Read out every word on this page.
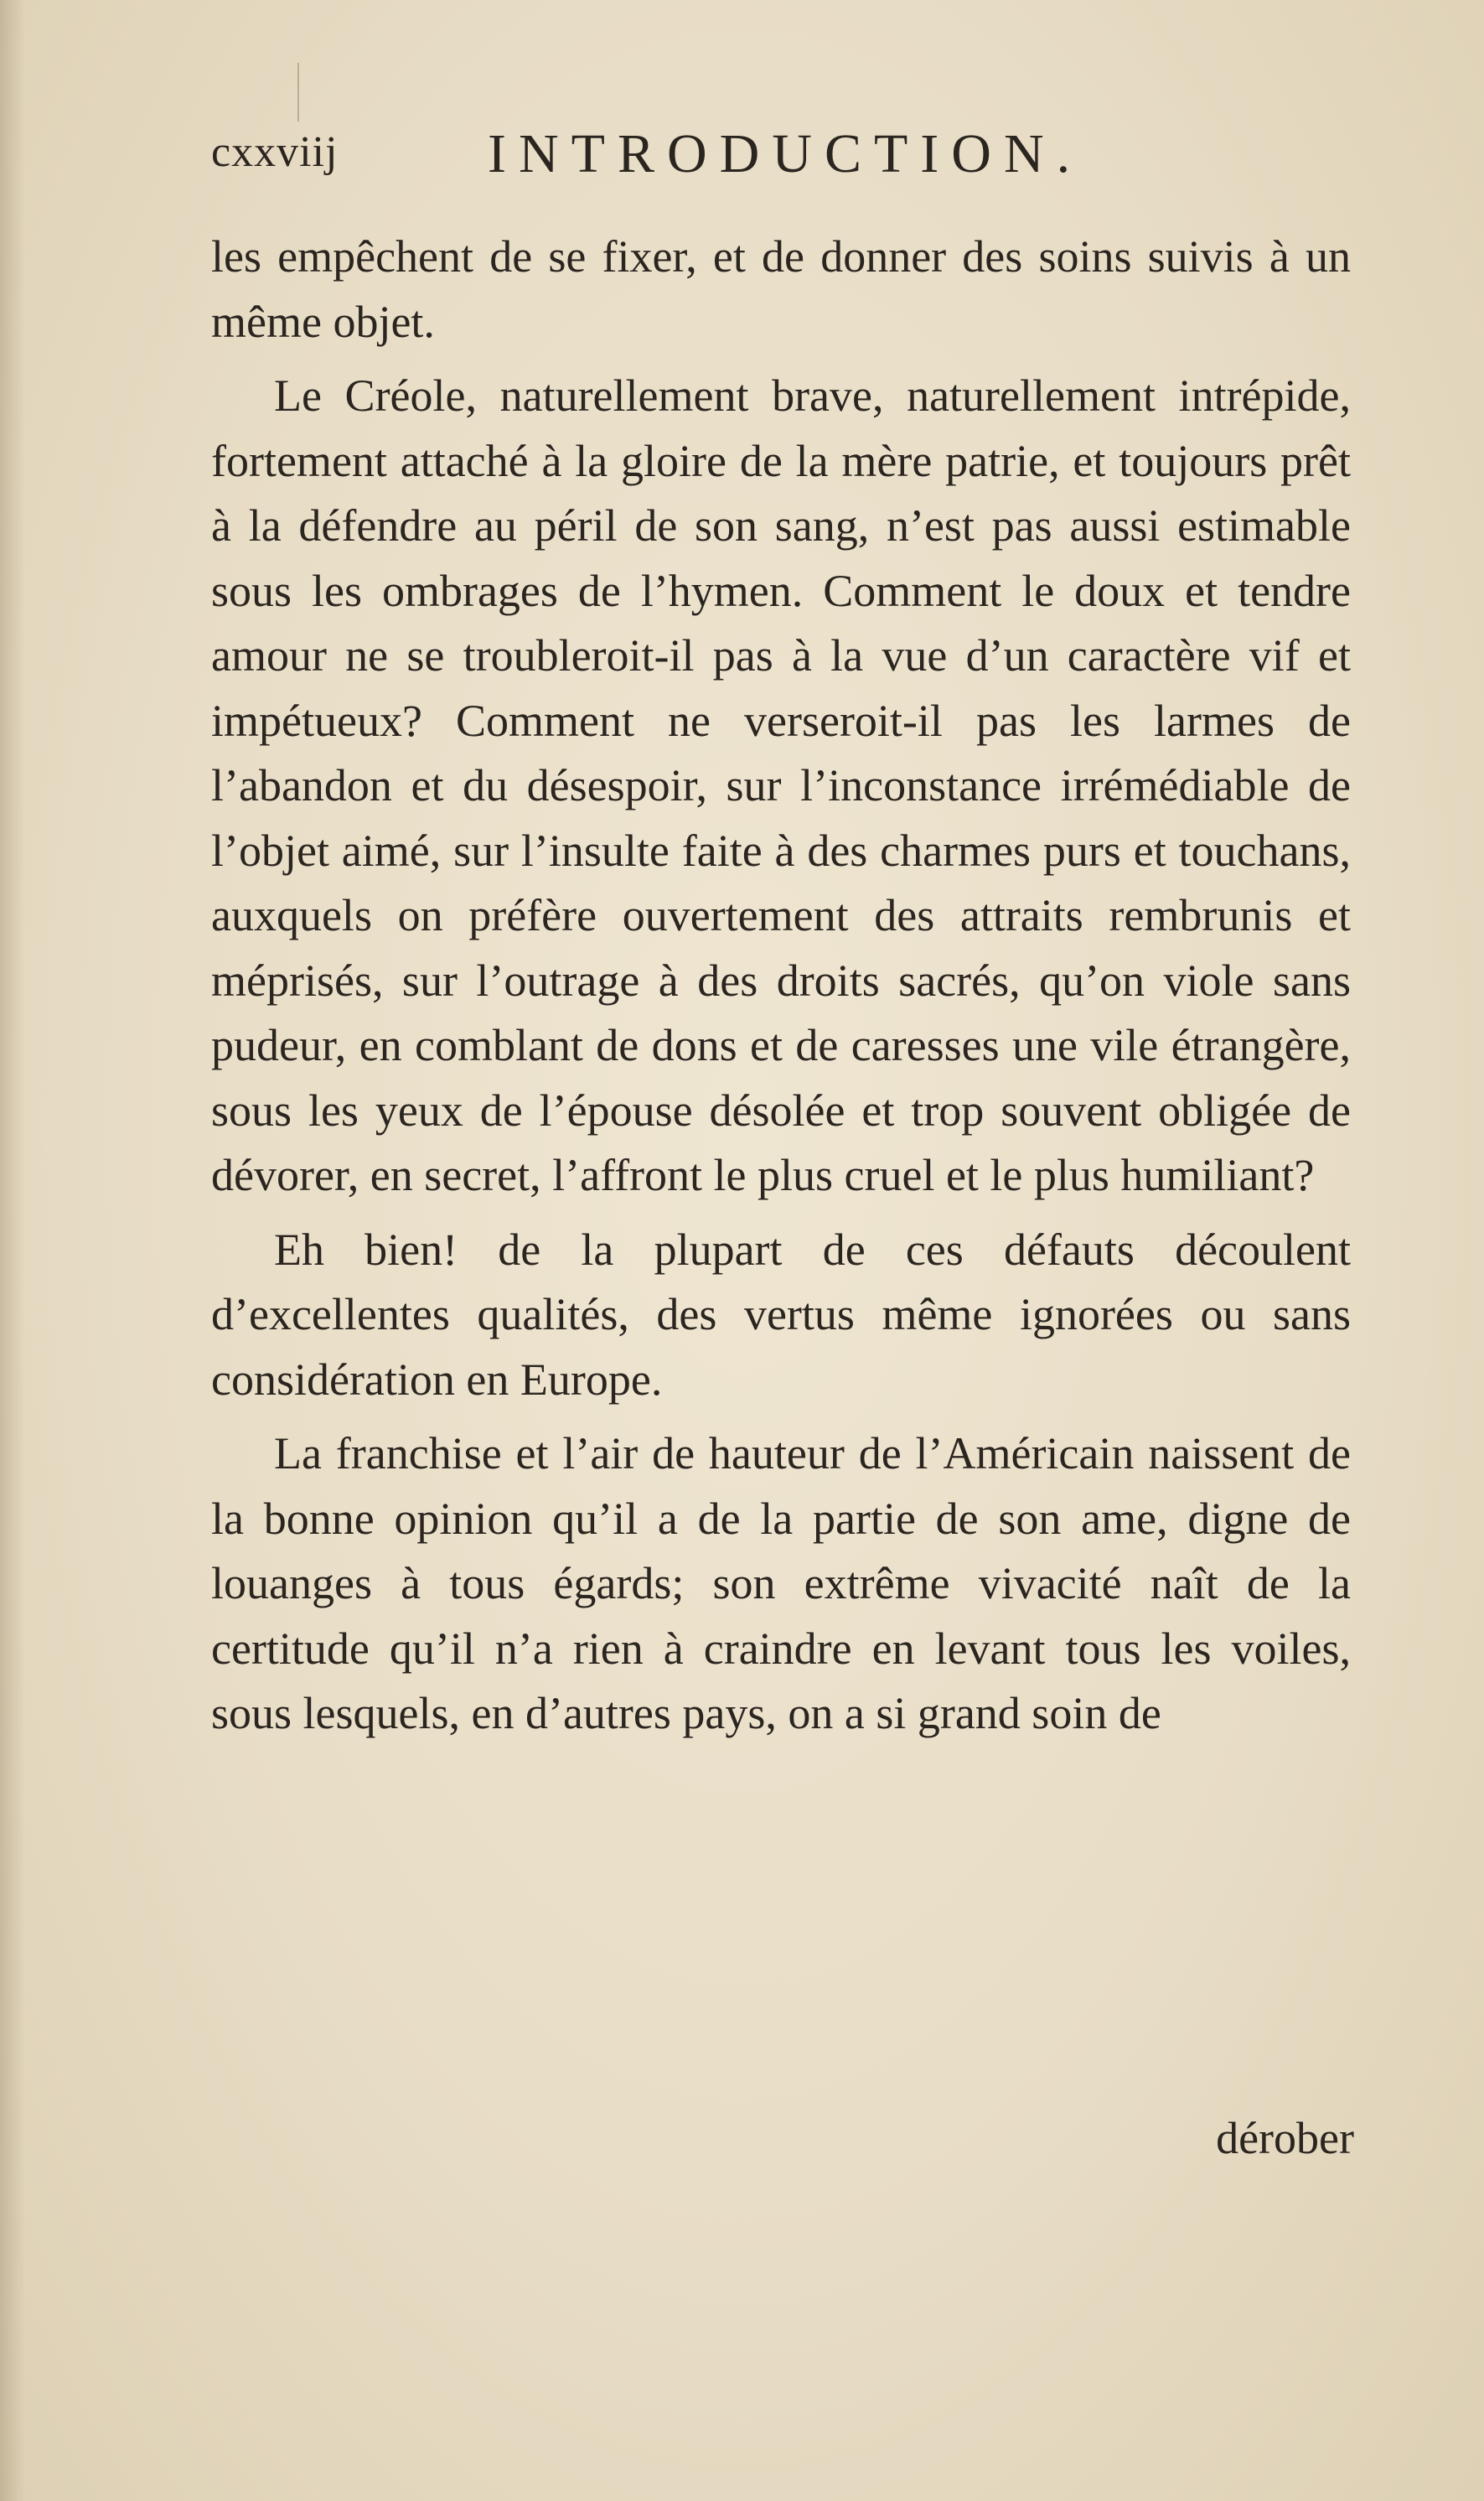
cxxviij	INTRODUCTION.

les empêchent de se fixer, et de donner des soins suivis à un même objet.

Le Créole, naturellement brave, naturellement intrépide, fortement attaché à la gloire de la mère patrie, et toujours prêt à la défendre au péril de son sang, n’est pas aussi estimable sous les ombrages de l’hymen. Comment le doux et tendre amour ne se troubleroit-il pas à la vue d’un caractère vif et impétueux? Comment ne verseroit-il pas les larmes de l’abandon et du désespoir, sur l’inconstance irrémédiable de l’objet aimé, sur l’insulte faite à des charmes purs et touchans, auxquels on préfère ouvertement des attraits rembrunis et méprisés, sur l’outrage à des droits sacrés, qu’on viole sans pudeur, en comblant de dons et de caresses une vile étrangère, sous les yeux de l’épouse désolée et trop souvent obligée de dévorer, en secret, l’affront le plus cruel et le plus humiliant?

Eh bien! de la plupart de ces défauts découlent d’excellentes qualités, des vertus même ignorées ou sans considération en Europe.

La franchise et l’air de hauteur de l’Américain naissent de la bonne opinion qu’il a de la partie de son ame, digne de louanges à tous égards; son extrême vivacité naît de la certitude qu’il n’a rien à craindre en levant tous les voiles, sous lesquels, en d’autres pays, on a si grand soin de

dérober
